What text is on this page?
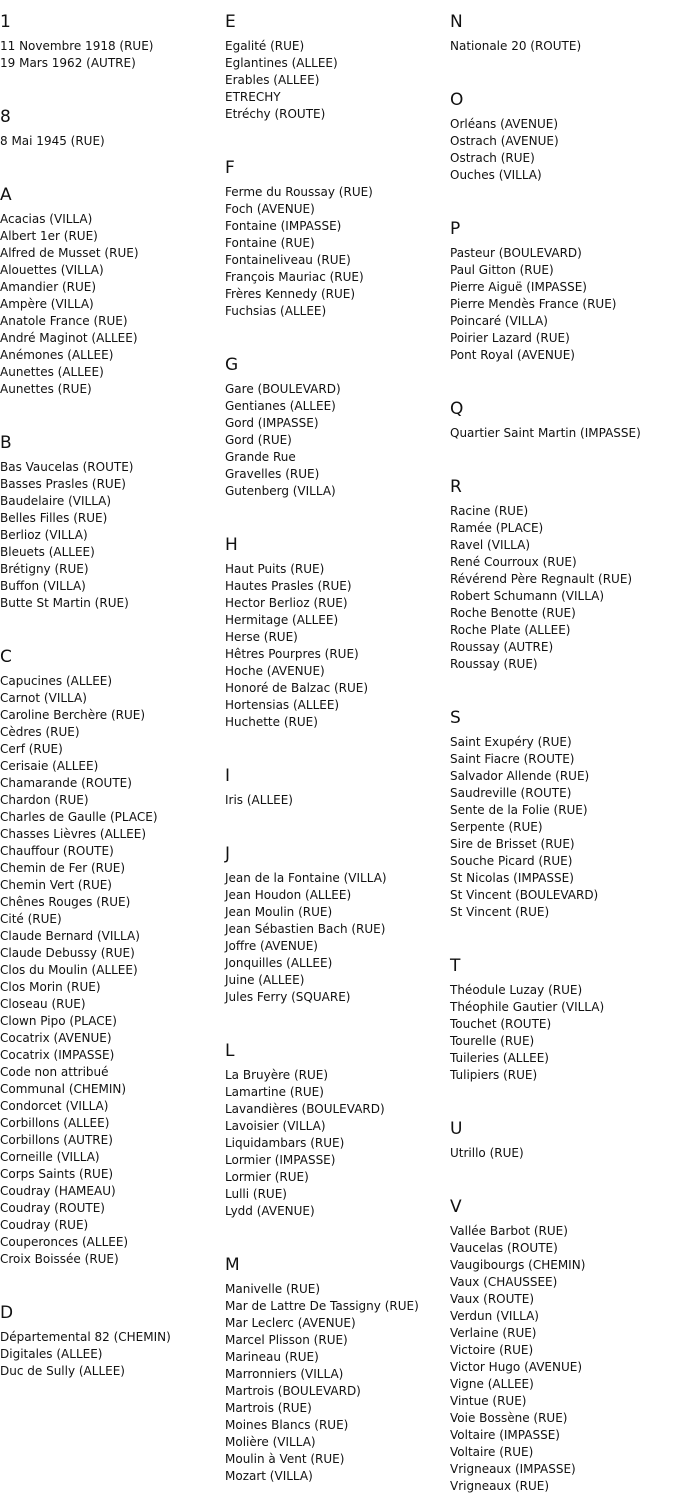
1
11 Novembre 1918 (RUE)
19 Mars 1962 (AUTRE)
8
8 Mai 1945 (RUE)
A
Acacias (VILLA)
Albert 1er (RUE)
Alfred de Musset (RUE)
Alouettes (VILLA)
Amandier (RUE)
Ampère (VILLA)
Anatole France (RUE)
André Maginot (ALLEE)
Anémones (ALLEE)
Aunettes (ALLEE)
Aunettes (RUE)
B
Bas Vaucelas (ROUTE)
Basses Prasles (RUE)
Baudelaire (VILLA)
Belles Filles (RUE)
Berlioz (VILLA)
Bleuets (ALLEE)
Brétigny (RUE)
Buffon (VILLA)
Butte St Martin (RUE)
C
Capucines (ALLEE)
Carnot (VILLA)
Caroline Berchère (RUE)
Cèdres (RUE)
Cerf (RUE)
Cerisaie (ALLEE)
Chamarande (ROUTE)
Chardon (RUE)
Charles de Gaulle (PLACE)
Chasses Lièvres (ALLEE)
Chauffour (ROUTE)
Chemin de Fer (RUE)
Chemin Vert (RUE)
Chênes Rouges (RUE)
Cité (RUE)
Claude Bernard (VILLA)
Claude Debussy (RUE)
Clos du Moulin (ALLEE)
Clos Morin (RUE)
Closeau (RUE)
Clown Pipo (PLACE)
Cocatrix (AVENUE)
Cocatrix (IMPASSE)
Code non attribué
Communal (CHEMIN)
Condorcet (VILLA)
Corbillons (ALLEE)
Corbillons (AUTRE)
Corneille (VILLA)
Corps Saints (RUE)
Coudray (HAMEAU)
Coudray (ROUTE)
Coudray (RUE)
Couperonces (ALLEE)
Croix Boissée (RUE)
D
Départemental 82 (CHEMIN)
Digitales (ALLEE)
Duc de Sully (ALLEE)
E
Egalité (RUE)
Eglantines (ALLEE)
Erables (ALLEE)
ETRECHY
Etréchy (ROUTE)
F
Ferme du Roussay (RUE)
Foch (AVENUE)
Fontaine (IMPASSE)
Fontaine (RUE)
Fontaineliveau (RUE)
François Mauriac (RUE)
Frères Kennedy (RUE)
Fuchsias (ALLEE)
G
Gare (BOULEVARD)
Gentianes (ALLEE)
Gord (IMPASSE)
Gord (RUE)
Grande Rue
Gravelles (RUE)
Gutenberg (VILLA)
H
Haut Puits (RUE)
Hautes Prasles (RUE)
Hector Berlioz (RUE)
Hermitage (ALLEE)
Herse (RUE)
Hêtres Pourpres (RUE)
Hoche (AVENUE)
Honoré de Balzac (RUE)
Hortensias (ALLEE)
Huchette (RUE)
I
Iris (ALLEE)
J
Jean de la Fontaine (VILLA)
Jean Houdon (ALLEE)
Jean Moulin (RUE)
Jean Sébastien Bach (RUE)
Joffre (AVENUE)
Jonquilles (ALLEE)
Juine (ALLEE)
Jules Ferry (SQUARE)
L
La Bruyère (RUE)
Lamartine (RUE)
Lavandières (BOULEVARD)
Lavoisier (VILLA)
Liquidambars (RUE)
Lormier (IMPASSE)
Lormier (RUE)
Lulli (RUE)
Lydd (AVENUE)
M
Manivelle (RUE)
Mar de Lattre De Tassigny (RUE)
Mar Leclerc (AVENUE)
Marcel Plisson (RUE)
Marineau (RUE)
Marronniers (VILLA)
Martrois (BOULEVARD)
Martrois (RUE)
Moines Blancs (RUE)
Molière (VILLA)
Moulin à Vent (RUE)
Mozart (VILLA)
N
Nationale 20 (ROUTE)
O
Orléans (AVENUE)
Ostrach (AVENUE)
Ostrach (RUE)
Ouches (VILLA)
P
Pasteur (BOULEVARD)
Paul Gitton (RUE)
Pierre Aiguë (IMPASSE)
Pierre Mendès France (RUE)
Poincaré (VILLA)
Poirier Lazard (RUE)
Pont Royal (AVENUE)
Q
Quartier Saint Martin (IMPASSE)
R
Racine (RUE)
Ramée (PLACE)
Ravel (VILLA)
René Courroux (RUE)
Révérend Père Regnault (RUE)
Robert Schumann (VILLA)
Roche Benotte (RUE)
Roche Plate (ALLEE)
Roussay (AUTRE)
Roussay (RUE)
S
Saint Exupéry (RUE)
Saint Fiacre (ROUTE)
Salvador Allende (RUE)
Saudreville (ROUTE)
Sente de la Folie (RUE)
Serpente (RUE)
Sire de Brisset (RUE)
Souche Picard (RUE)
St Nicolas (IMPASSE)
St Vincent (BOULEVARD)
St Vincent (RUE)
T
Théodule Luzay (RUE)
Théophile Gautier (VILLA)
Touchet (ROUTE)
Tourelle (RUE)
Tuileries (ALLEE)
Tulipiers (RUE)
U
Utrillo (RUE)
V
Vallée Barbot (RUE)
Vaucelas (ROUTE)
Vaugibourgs (CHEMIN)
Vaux (CHAUSSEE)
Vaux (ROUTE)
Verdun (VILLA)
Verlaine (RUE)
Victoire (RUE)
Victor Hugo (AVENUE)
Vigne (ALLEE)
Vintue (RUE)
Voie Bossène (RUE)
Voltaire (IMPASSE)
Voltaire (RUE)
Vrigneaux (IMPASSE)
Vrigneaux (RUE)
